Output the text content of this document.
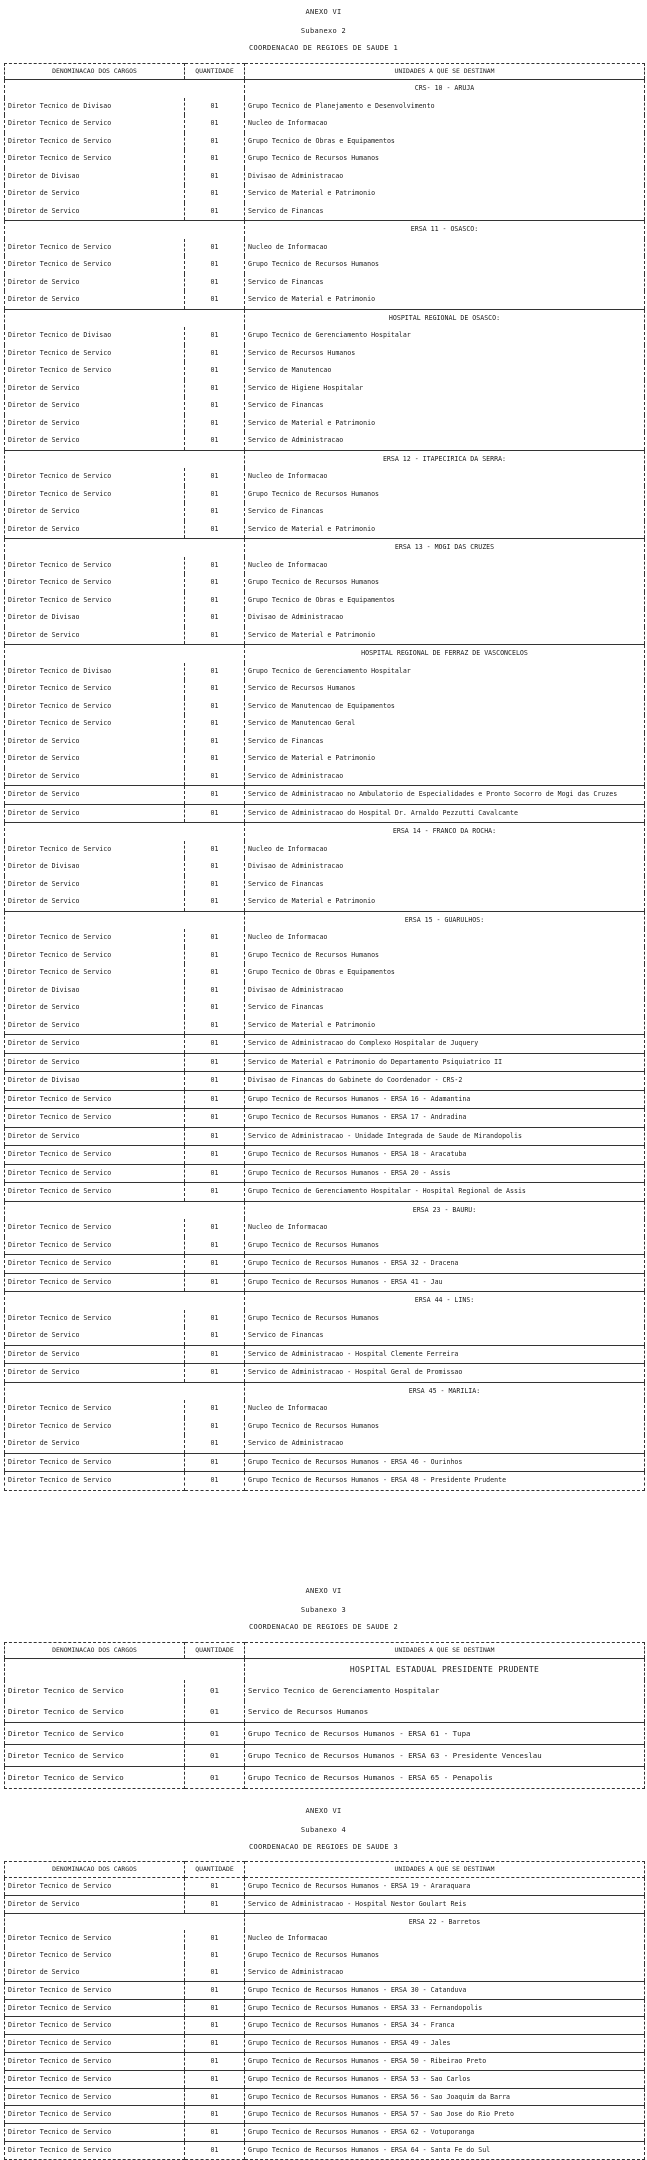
ANEXO VI
Subanexo 2
COORDENACAO DE REGIOES DE SAUDE 1
DENOMINACAO DOS CARGOS	QUANTIDADE	UNIDADES A QUE SE DESTINAM
		CRS- 10 - ARUJA
Diretor Tecnico de Divisao	01	Grupo Tecnico de Planejamento e Desenvolvimento
Diretor Tecnico de Servico	01	Nucleo de Informacao
Diretor Tecnico de Servico	01	Grupo Tecnico de Obras e Equipamentos
Diretor Tecnico de Servico	01	Grupo Tecnico de Recursos Humanos
Diretor de Divisao	01	Divisao de Administracao
Diretor de Servico	01	Servico de Material e Patrimonio
Diretor de Servico	01	Servico de Financas
		ERSA 11 - OSASCO:
Diretor Tecnico de Servico	01	Nucleo de Informacao
Diretor Tecnico de Servico	01	Grupo Tecnico de Recursos Humanos
Diretor de Servico	01	Servico de Financas
Diretor de Servico	01	Servico de Material e Patrimonio
		HOSPITAL REGIONAL DE OSASCO:
Diretor Tecnico de Divisao	01	Grupo Tecnico de Gerenciamento Hospitalar
Diretor Tecnico de Servico	01	Servico de Recursos Humanos
Diretor Tecnico de Servico	01	Servico de Manutencao
Diretor de Servico	01	Servico de Higiene Hospitalar
Diretor de Servico	01	Servico de Financas
Diretor de Servico	01	Servico de Material e Patrimonio
Diretor de Servico	01	Servico de Administracao
		ERSA 12 - ITAPECIRICA DA SERRA:
Diretor Tecnico de Servico	01	Nucleo de Informacao
Diretor Tecnico de Servico	01	Grupo Tecnico de Recursos Humanos
Diretor de Servico	01	Servico de Financas
Diretor de Servico	01	Servico de Material e Patrimonio
		ERSA 13 - MOGI DAS CRUZES
Diretor Tecnico de Servico	01	Nucleo de Informacao
Diretor Tecnico de Servico	01	Grupo Tecnico de Recursos Humanos
Diretor Tecnico de Servico	01	Grupo Tecnico de Obras e Equipamentos
Diretor de Divisao	01	Divisao de Administracao
Diretor de Servico	01	Servico de Material e Patrimonio
		HOSPITAL REGIONAL DE FERRAZ DE VASCONCELOS
Diretor Tecnico de Divisao	01	Grupo Tecnico de Gerenciamento Hospitalar
Diretor Tecnico de Servico	01	Servico de Recursos Humanos
Diretor Tecnico de Servico	01	Servico de Manutencao de Equipamentos
Diretor Tecnico de Servico	01	Servico de Manutencao Geral
Diretor de Servico	01	Servico de Financas
Diretor de Servico	01	Servico de Material e Patrimonio
Diretor de Servico	01	Servico de Administracao
Diretor de Servico	01	Servico de Administracao no Ambulatorio de Especialidades e Pronto Socorro de Mogi das Cruzes
Diretor de Servico	01	Servico de Administracao do Hospital Dr. Arnaldo Pezzutti Cavalcante
		ERSA 14 - FRANCO DA ROCHA:
Diretor Tecnico de Servico	01	Nucleo de Informacao
Diretor de Divisao	01	Divisao de Administracao
Diretor de Servico	01	Servico de Financas
Diretor de Servico	01	Servico de Material e Patrimonio
		ERSA 15 - GUARULHOS:
Diretor Tecnico de Servico	01	Nucleo de Informacao
Diretor Tecnico de Servico	01	Grupo Tecnico de Recursos Humanos
Diretor Tecnico de Servico	01	Grupo Tecnico de Obras e Equipamentos
Diretor de Divisao	01	Divisao de Administracao
Diretor de Servico	01	Servico de Financas
Diretor de Servico	01	Servico de Material e Patrimonio
Diretor de Servico	01	Servico de Administracao do Complexo Hospitalar de Juquery
Diretor de Servico	01	Servico de Material e Patrimonio do Departamento Psiquiatrico II
Diretor de Divisao	01	Divisao de Financas do Gabinete do Coordenador - CRS-2
Diretor Tecnico de Servico	01	Grupo Tecnico de Recursos Humanos - ERSA 16 - Adamantina
Diretor Tecnico de Servico	01	Grupo Tecnico de Recursos Humanos - ERSA 17 - Andradina
Diretor de Servico	01	Servico de Administracao - Unidade Integrada de Saude de Mirandopolis
Diretor Tecnico de Servico	01	Grupo Tecnico de Recursos Humanos - ERSA 18 - Aracatuba
Diretor Tecnico de Servico	01	Grupo Tecnico de Recursos Humanos - ERSA 20 - Assis
Diretor Tecnico de Servico	01	Grupo Tecnico de Gerenciamento Hospitalar - Hospital Regional de Assis
		ERSA 23 - BAURU:
Diretor Tecnico de Servico	01	Nucleo de Informacao
Diretor Tecnico de Servico	01	Grupo Tecnico de Recursos Humanos
Diretor Tecnico de Servico	01	Grupo Tecnico de Recursos Humanos - ERSA 32 - Dracena
Diretor Tecnico de Servico	01	Grupo Tecnico de Recursos Humanos - ERSA 41 - Jau
		ERSA 44 - LINS:
Diretor Tecnico de Servico	01	Grupo Tecnico de Recursos Humanos
Diretor de Servico	01	Servico de Financas
Diretor de Servico	01	Servico de Administracao - Hospital Clemente Ferreira
Diretor de Servico	01	Servico de Administracao - Hospital Geral de Promissao
		ERSA 45 - MARILIA:
Diretor Tecnico de Servico	01	Nucleo de Informacao
Diretor Tecnico de Servico	01	Grupo Tecnico de Recursos Humanos
Diretor de Servico	01	Servico de Administracao
Diretor Tecnico de Servico	01	Grupo Tecnico de Recursos Humanos - ERSA 46 - Ourinhos
Diretor Tecnico de Servico	01	Grupo Tecnico de Recursos Humanos - ERSA 48 - Presidente Prudente
ANEXO VI
Subanexo 3
COORDENACAO DE REGIOES DE SAUDE 2
DENOMINACAO DOS CARGOS	QUANTIDADE	UNIDADES A QUE SE DESTINAM
		HOSPITAL ESTADUAL PRESIDENTE PRUDENTE
Diretor Tecnico de Servico	01	Servico Tecnico de Gerenciamento Hospitalar
Diretor Tecnico de Servico	01	Servico de Recursos Humanos
Diretor Tecnico de Servico	01	Grupo Tecnico de Recursos Humanos - ERSA 61 - Tupa
Diretor Tecnico de Servico	01	Grupo Tecnico de Recursos Humanos - ERSA 63 - Presidente Venceslau
Diretor Tecnico de Servico	01	Grupo Tecnico de Recursos Humanos - ERSA 65 - Penapolis
ANEXO VI
Subanexo 4
COORDENACAO DE REGIOES DE SAUDE 3
DENOMINACAO DOS CARGOS	QUANTIDADE	UNIDADES A QUE SE DESTINAM
Diretor Tecnico de Servico	01	Grupo Tecnico de Recursos Humanos - ERSA 19 - Araraquara
Diretor de Servico	01	Servico de Administracao - Hospital Nestor Goulart Reis
		ERSA 22 - Barretos
Diretor Tecnico de Servico	01	Nucleo de Informacao
Diretor Tecnico de Servico	01	Grupo Tecnico de Recursos Humanos
Diretor de Servico	01	Servico de Administracao
Diretor Tecnico de Servico	01	Grupo Tecnico de Recursos Humanos - ERSA 30 - Catanduva
Diretor Tecnico de Servico	01	Grupo Tecnico de Recursos Humanos - ERSA 33 - Fernandopolis
Diretor Tecnico de Servico	01	Grupo Tecnico de Recursos Humanos - ERSA 34 - Franca
Diretor Tecnico de Servico	01	Grupo Tecnico de Recursos Humanos - ERSA 49 - Jales
Diretor Tecnico de Servico	01	Grupo Tecnico de Recursos Humanos - ERSA 50 - Ribeirao Preto
Diretor Tecnico de Servico	01	Grupo Tecnico de Recursos Humanos - ERSA 53 - Sao Carlos
Diretor Tecnico de Servico	01	Grupo Tecnico de Recursos Humanos - ERSA 56 - Sao Joaquim da Barra
Diretor Tecnico de Servico	01	Grupo Tecnico de Recursos Humanos - ERSA 57 - Sao Jose do Rio Preto
Diretor Tecnico de Servico	01	Grupo Tecnico de Recursos Humanos - ERSA 62 - Votuporanga
Diretor Tecnico de Servico	01	Grupo Tecnico de Recursos Humanos - ERSA 64 - Santa Fe do Sul
